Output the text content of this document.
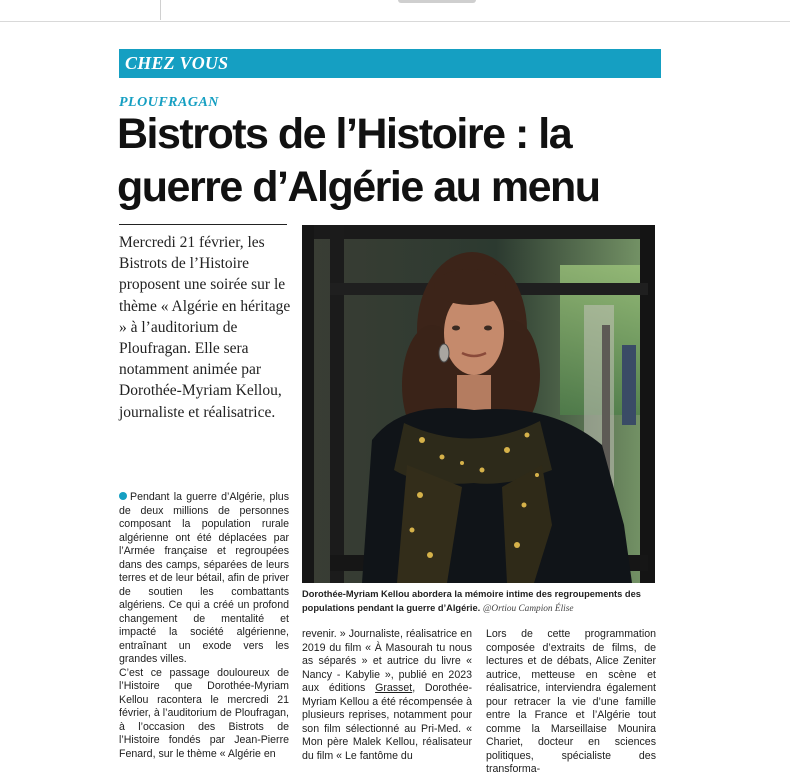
CHEZ VOUS
PLOUFRAGAN
Bistrots de l’Histoire : la guerre d’Algérie au menu

Mercredi 21 février, les Bistrots de l’Histoire proposent une soirée sur le thème « Algérie en héritage » à l’auditorium de Ploufragan. Elle sera notamment animée par Dorothée-Myriam Kellou, journaliste et réalisatrice.

Dorothée-Myriam Kellou abordera la mémoire intime des regroupements des populations pendant la guerre d’Algérie. @Ortiou Campion Élise

Pendant la guerre d’Algérie, plus de deux millions de personnes composant la population rurale algérienne ont été déplacées par l’Armée française et regroupées dans des camps, séparées de leurs terres et de leur bétail, afin de priver de soutien les combattants algériens. Ce qui a créé un profond changement de mentalité et impacté la société algérienne, entraînant un exode vers les grandes villes.

C’est ce passage douloureux de l’Histoire que Dorothée-Myriam Kellou racontera le mercredi 21 février, à l’auditorium de Ploufragan, à l’occasion des Bistrots de l’Histoire fondés par Jean-Pierre Fenard, sur le thème « Algérie en

revenir. » Journaliste, réalisatrice en 2019 du film « À Masourah tu nous as séparés » et autrice du livre « Nancy - Kabylie », publié en 2023 aux éditions Grasset, Dorothée-Myriam Kellou a été récompensée à plusieurs reprises, notamment pour son film sélectionné au Pri-Med. « Mon père Malek Kellou, réalisateur du film « Le fantôme du

Lors de cette programmation composée d’extraits de films, de lectures et de débats, Alice Zeniter autrice, metteuse en scène et réalisatrice, interviendra également pour retracer la vie d’une famille entre la France et l’Algérie tout comme la Marseillaise Mounira Chariet, docteur en sciences politiques, spécialiste des transforma-
